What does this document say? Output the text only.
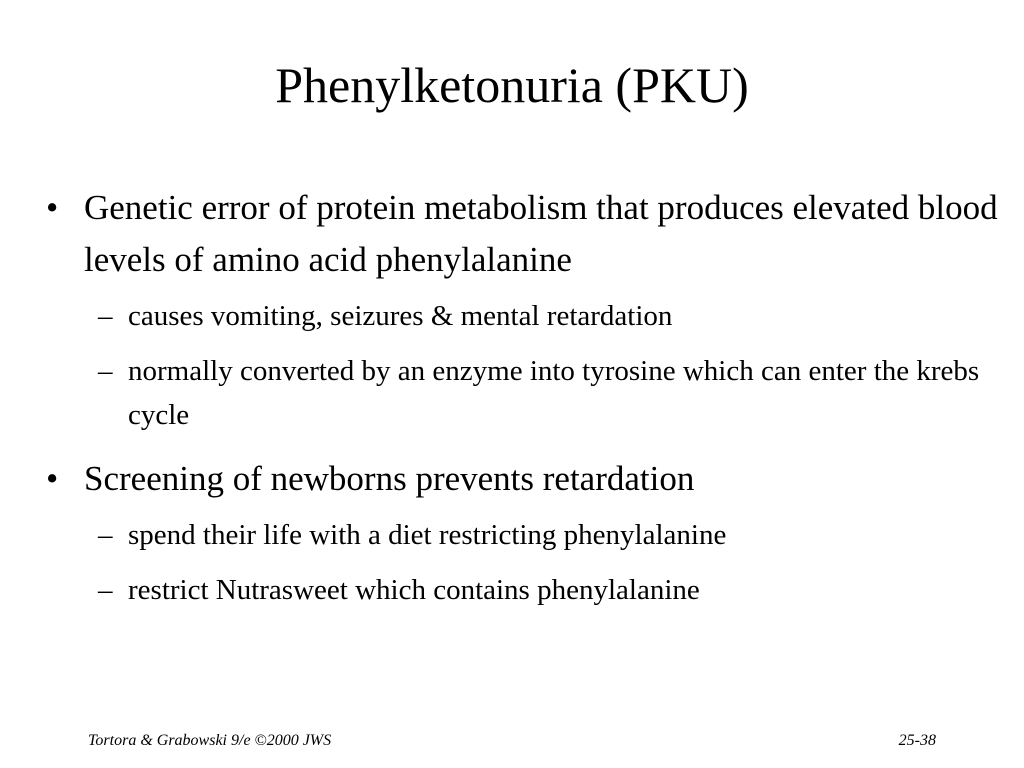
Phenylketonuria (PKU)

• Genetic error of protein metabolism that produces elevated blood levels of amino acid phenylalanine

– causes vomiting, seizures & mental retardation

– normally converted by an enzyme into tyrosine which can enter the krebs cycle

• Screening of newborns prevents retardation

– spend their life with a diet restricting phenylalanine

– restrict Nutrasweet which contains phenylalanine

Tortora & Grabowski 9/e ©2000 JWS	25-38
